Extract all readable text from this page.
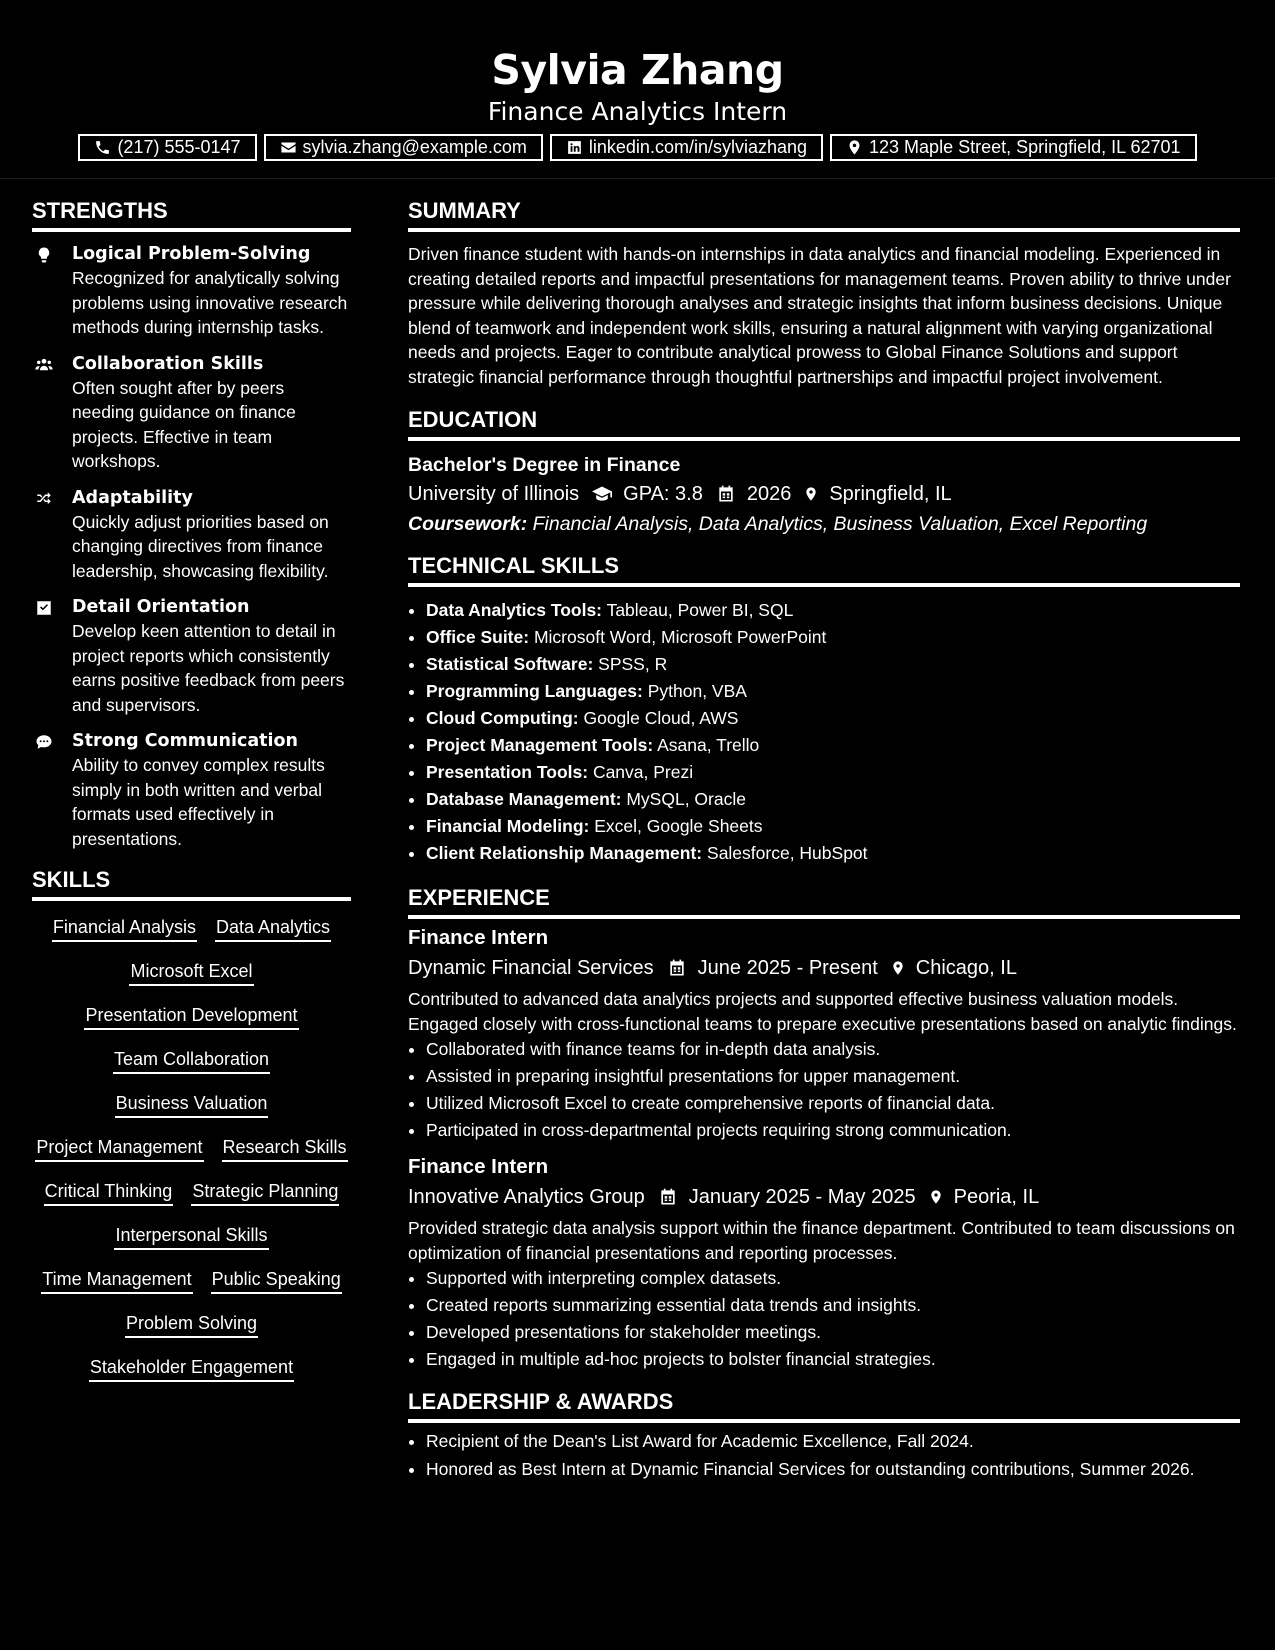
Sylvia Zhang
Finance Analytics Intern
(217) 555-0147	sylvia.zhang@example.com	linkedin.com/in/sylviazhang	123 Maple Street, Springfield, IL 62701
STRENGTHS
Logical Problem-Solving
Recognized for analytically solving problems using innovative research methods during internship tasks.
Collaboration Skills
Often sought after by peers needing guidance on finance projects. Effective in team workshops.
Adaptability
Quickly adjust priorities based on changing directives from finance leadership, showcasing flexibility.
Detail Orientation
Develop keen attention to detail in project reports which consistently earns positive feedback from peers and supervisors.
Strong Communication
Ability to convey complex results simply in both written and verbal formats used effectively in presentations.
SKILLS
Financial Analysis Data Analytics
Microsoft Excel
Presentation Development
Team Collaboration
Business Valuation
Project Management Research Skills
Critical Thinking Strategic Planning
Interpersonal Skills
Time Management Public Speaking
Problem Solving
Stakeholder Engagement
SUMMARY

Driven finance student with hands-on internships in data analytics and financial modeling. Experienced in creating detailed reports and impactful presentations for management teams. Proven ability to thrive under pressure while delivering thorough analyses and strategic insights that inform business decisions. Unique blend of teamwork and independent work skills, ensuring a natural alignment with varying organizational needs and projects. Eager to contribute analytical prowess to Global Finance Solutions and support strategic financial performance through thoughtful partnerships and impactful project involvement.

EDUCATION
Bachelor's Degree in Finance
University of Illinois GPA: 3.8 2026 Springfield, IL
Coursework: Financial Analysis, Data Analytics, Business Valuation, Excel Reporting
TECHNICAL SKILLS
• Data Analytics Tools: Tableau, Power BI, SQL
• Office Suite: Microsoft Word, Microsoft PowerPoint
• Statistical Software: SPSS, R
• Programming Languages: Python, VBA
• Cloud Computing: Google Cloud, AWS
• Project Management Tools: Asana, Trello
• Presentation Tools: Canva, Prezi
• Database Management: MySQL, Oracle
• Financial Modeling: Excel, Google Sheets
• Client Relationship Management: Salesforce, HubSpot
EXPERIENCE
Finance Intern
Dynamic Financial Services June 2025 - Present Chicago, IL
Contributed to advanced data analytics projects and supported effective business valuation models. Engaged closely with cross-functional teams to prepare executive presentations based on analytic findings.
• Collaborated with finance teams for in-depth data analysis.
• Assisted in preparing insightful presentations for upper management.
• Utilized Microsoft Excel to create comprehensive reports of financial data.
• Participated in cross-departmental projects requiring strong communication.
Finance Intern
Innovative Analytics Group January 2025 - May 2025 Peoria, IL
Provided strategic data analysis support within the finance department. Contributed to team discussions on optimization of financial presentations and reporting processes.
• Supported with interpreting complex datasets.
• Created reports summarizing essential data trends and insights.
• Developed presentations for stakeholder meetings.
• Engaged in multiple ad-hoc projects to bolster financial strategies.
LEADERSHIP & AWARDS
• Recipient of the Dean's List Award for Academic Excellence, Fall 2024.
• Honored as Best Intern at Dynamic Financial Services for outstanding contributions, Summer 2026.
